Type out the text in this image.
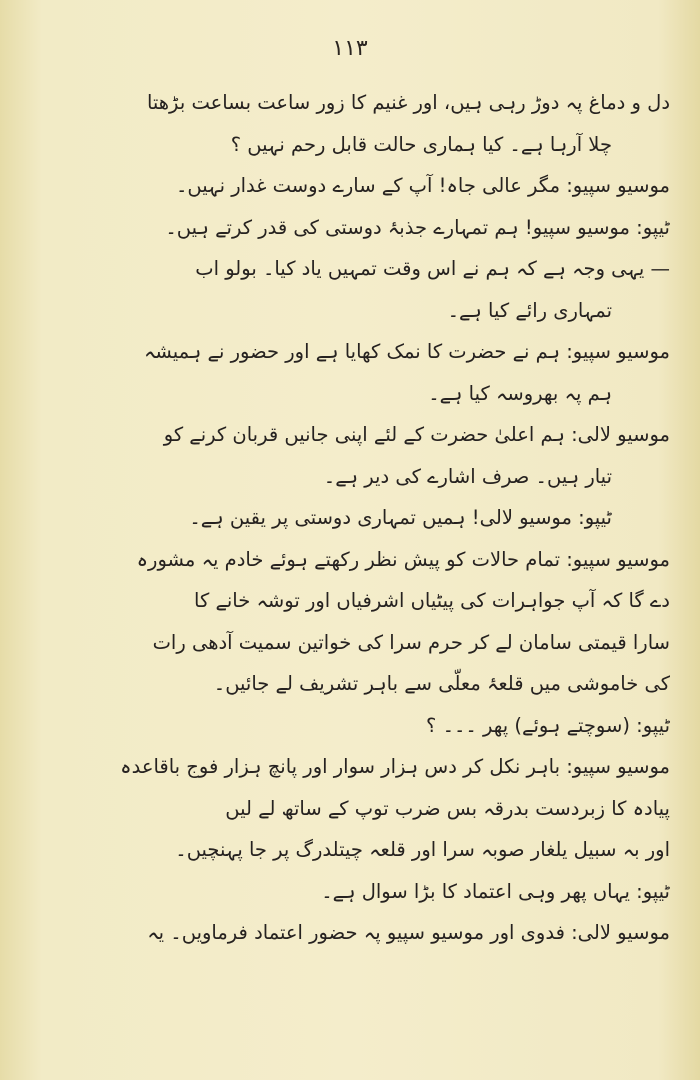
۱۱۳
دل و دماغ پہ دوڑ رہی ہیں، اور غنیم کا زور ساعت بساعت بڑھتا
چلا آرہا ہے۔ کیا ہماری حالت قابل رحم نہیں ؟
موسیو سپیو: مگر عالی جاہ! آپ کے سارے دوست غدار نہیں۔
ٹیپو: موسیو سپیو! ہم تمہارے جذبۂ دوستی کی قدر کرتے ہیں۔
— یہی وجہ ہے کہ ہم نے اس وقت تمہیں یاد کیا۔ بولو اب
تمہاری رائے کیا ہے۔
موسیو سپیو: ہم نے حضرت کا نمک کھایا ہے اور حضور نے ہمیشہ
ہم پہ بھروسہ کیا ہے۔
موسیو لالی: ہم اعلیٰ حضرت کے لئے اپنی جانیں قربان کرنے کو
تیار ہیں۔ صرف اشارے کی دیر ہے۔
ٹیپو: موسیو لالی! ہمیں تمہاری دوستی پر یقین ہے۔
موسیو سپیو: تمام حالات کو پیش نظر رکھتے ہوئے خادم یہ مشورہ
دے گا کہ آپ جواہرات کی پیٹیاں اشرفیاں اور توشہ خانے کا
سارا قیمتی سامان لے کر حرم سرا کی خواتین سمیت آدھی رات
کی خاموشی میں قلعۂ معلّی سے باہر تشریف لے جائیں۔
ٹیپو: (سوچتے ہوئے) پھر ۔۔۔ ؟
موسیو سپیو: باہر نکل کر دس ہزار سوار اور پانچ ہزار فوج باقاعدہ
پیادہ کا زبردست بدرقہ بس ضرب توپ کے ساتھ لے لیں
اور بہ سبیل یلغار صوبہ سرا اور قلعہ چیتلدرگ پر جا پہنچیں۔
ٹیپو: یہاں پھر وہی اعتماد کا بڑا سوال ہے۔
موسیو لالی: فدوی اور موسیو سپیو پہ حضور اعتماد فرماویں۔ یہ
